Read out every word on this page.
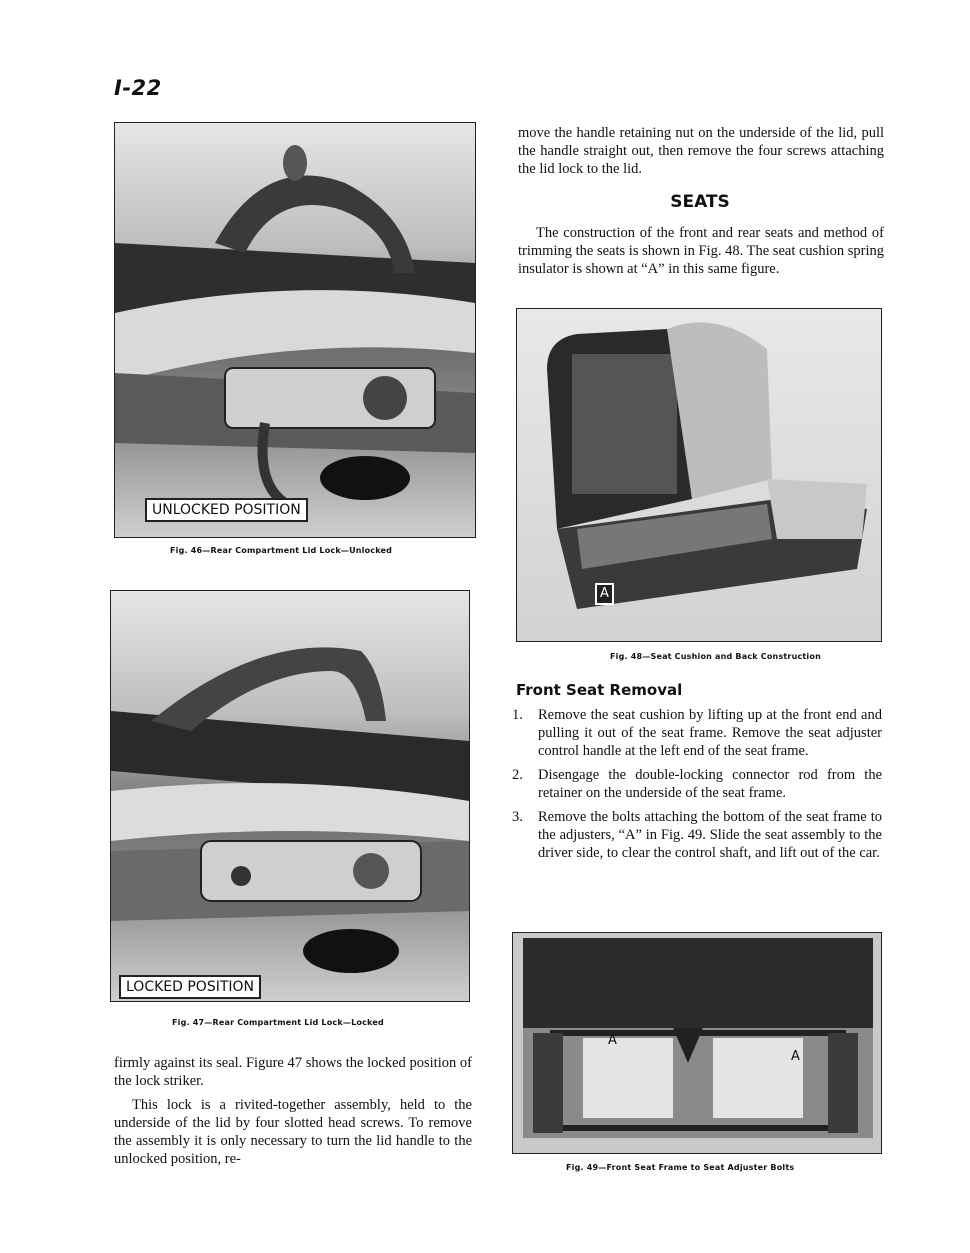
I-22
UNLOCKED POSITION
Fig. 46—Rear Compartment Lid Lock—Unlocked
LOCKED POSITION
Fig. 47—Rear Compartment Lid Lock—Locked

firmly against its seal. Figure 47 shows the locked position of the lock striker.

This lock is a rivited-together assembly, held to the underside of the lid by four slotted head screws. To remove the assembly it is only necessary to turn the lid handle to the unlocked position, re-

move the handle retaining nut on the underside of the lid, pull the handle straight out, then remove the four screws attaching the lid lock to the lid.

SEATS

The construction of the front and rear seats and method of trimming the seats is shown in Fig. 48. The seat cushion spring insulator is shown at “A” in this same figure.

A
Fig. 48—Seat Cushion and Back Construction
Front Seat Removal
1.	Remove the seat cushion by lifting up at the front end and pulling it out of the seat frame. Remove the seat adjuster control handle at the left end of the seat frame.
2.	Disengage the double-locking connector rod from the retainer on the underside of the seat frame.
3.	Remove the bolts attaching the bottom of the seat frame to the adjusters, “A” in Fig. 49. Slide the seat assembly to the driver side, to clear the control shaft, and lift out of the car.
A
A
Fig. 49—Front Seat Frame to Seat Adjuster Bolts
